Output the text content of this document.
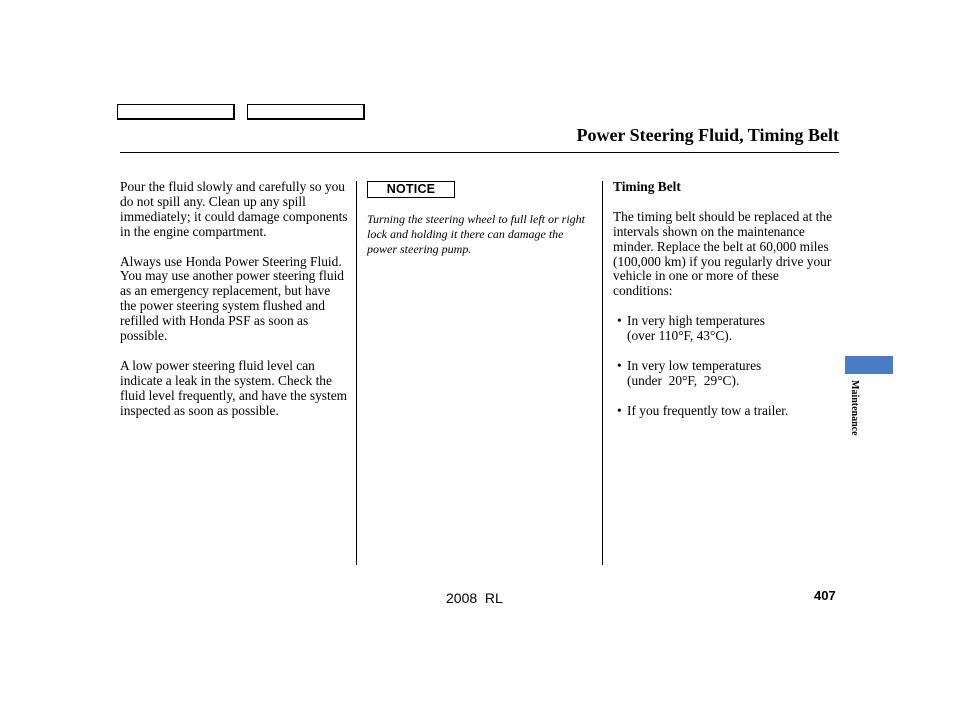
Power Steering Fluid, Timing Belt

Pour the fluid slowly and carefully so you do not spill any. Clean up any spill immediately; it could damage components in the engine compartment.

Always use Honda Power Steering Fluid. You may use another power steering fluid as an emergency replacement, but have the power steering system flushed and refilled with Honda PSF as soon as possible.

A low power steering fluid level can indicate a leak in the system. Check the fluid level frequently, and have the system inspected as soon as possible.

NOTICE
Turning the steering wheel to full left or right lock and holding it there can damage the power steering pump.

Timing Belt

The timing belt should be replaced at the intervals shown on the maintenance minder. Replace the belt at 60,000 miles (100,000 km) if you regularly drive your vehicle in one or more of these conditions:

• In very high temperatures
(over 110°F, 43°C).
• In very low temperatures
(under  20°F,  29°C).
• If you frequently tow a trailer.	Maintenance
2008  RL	407
